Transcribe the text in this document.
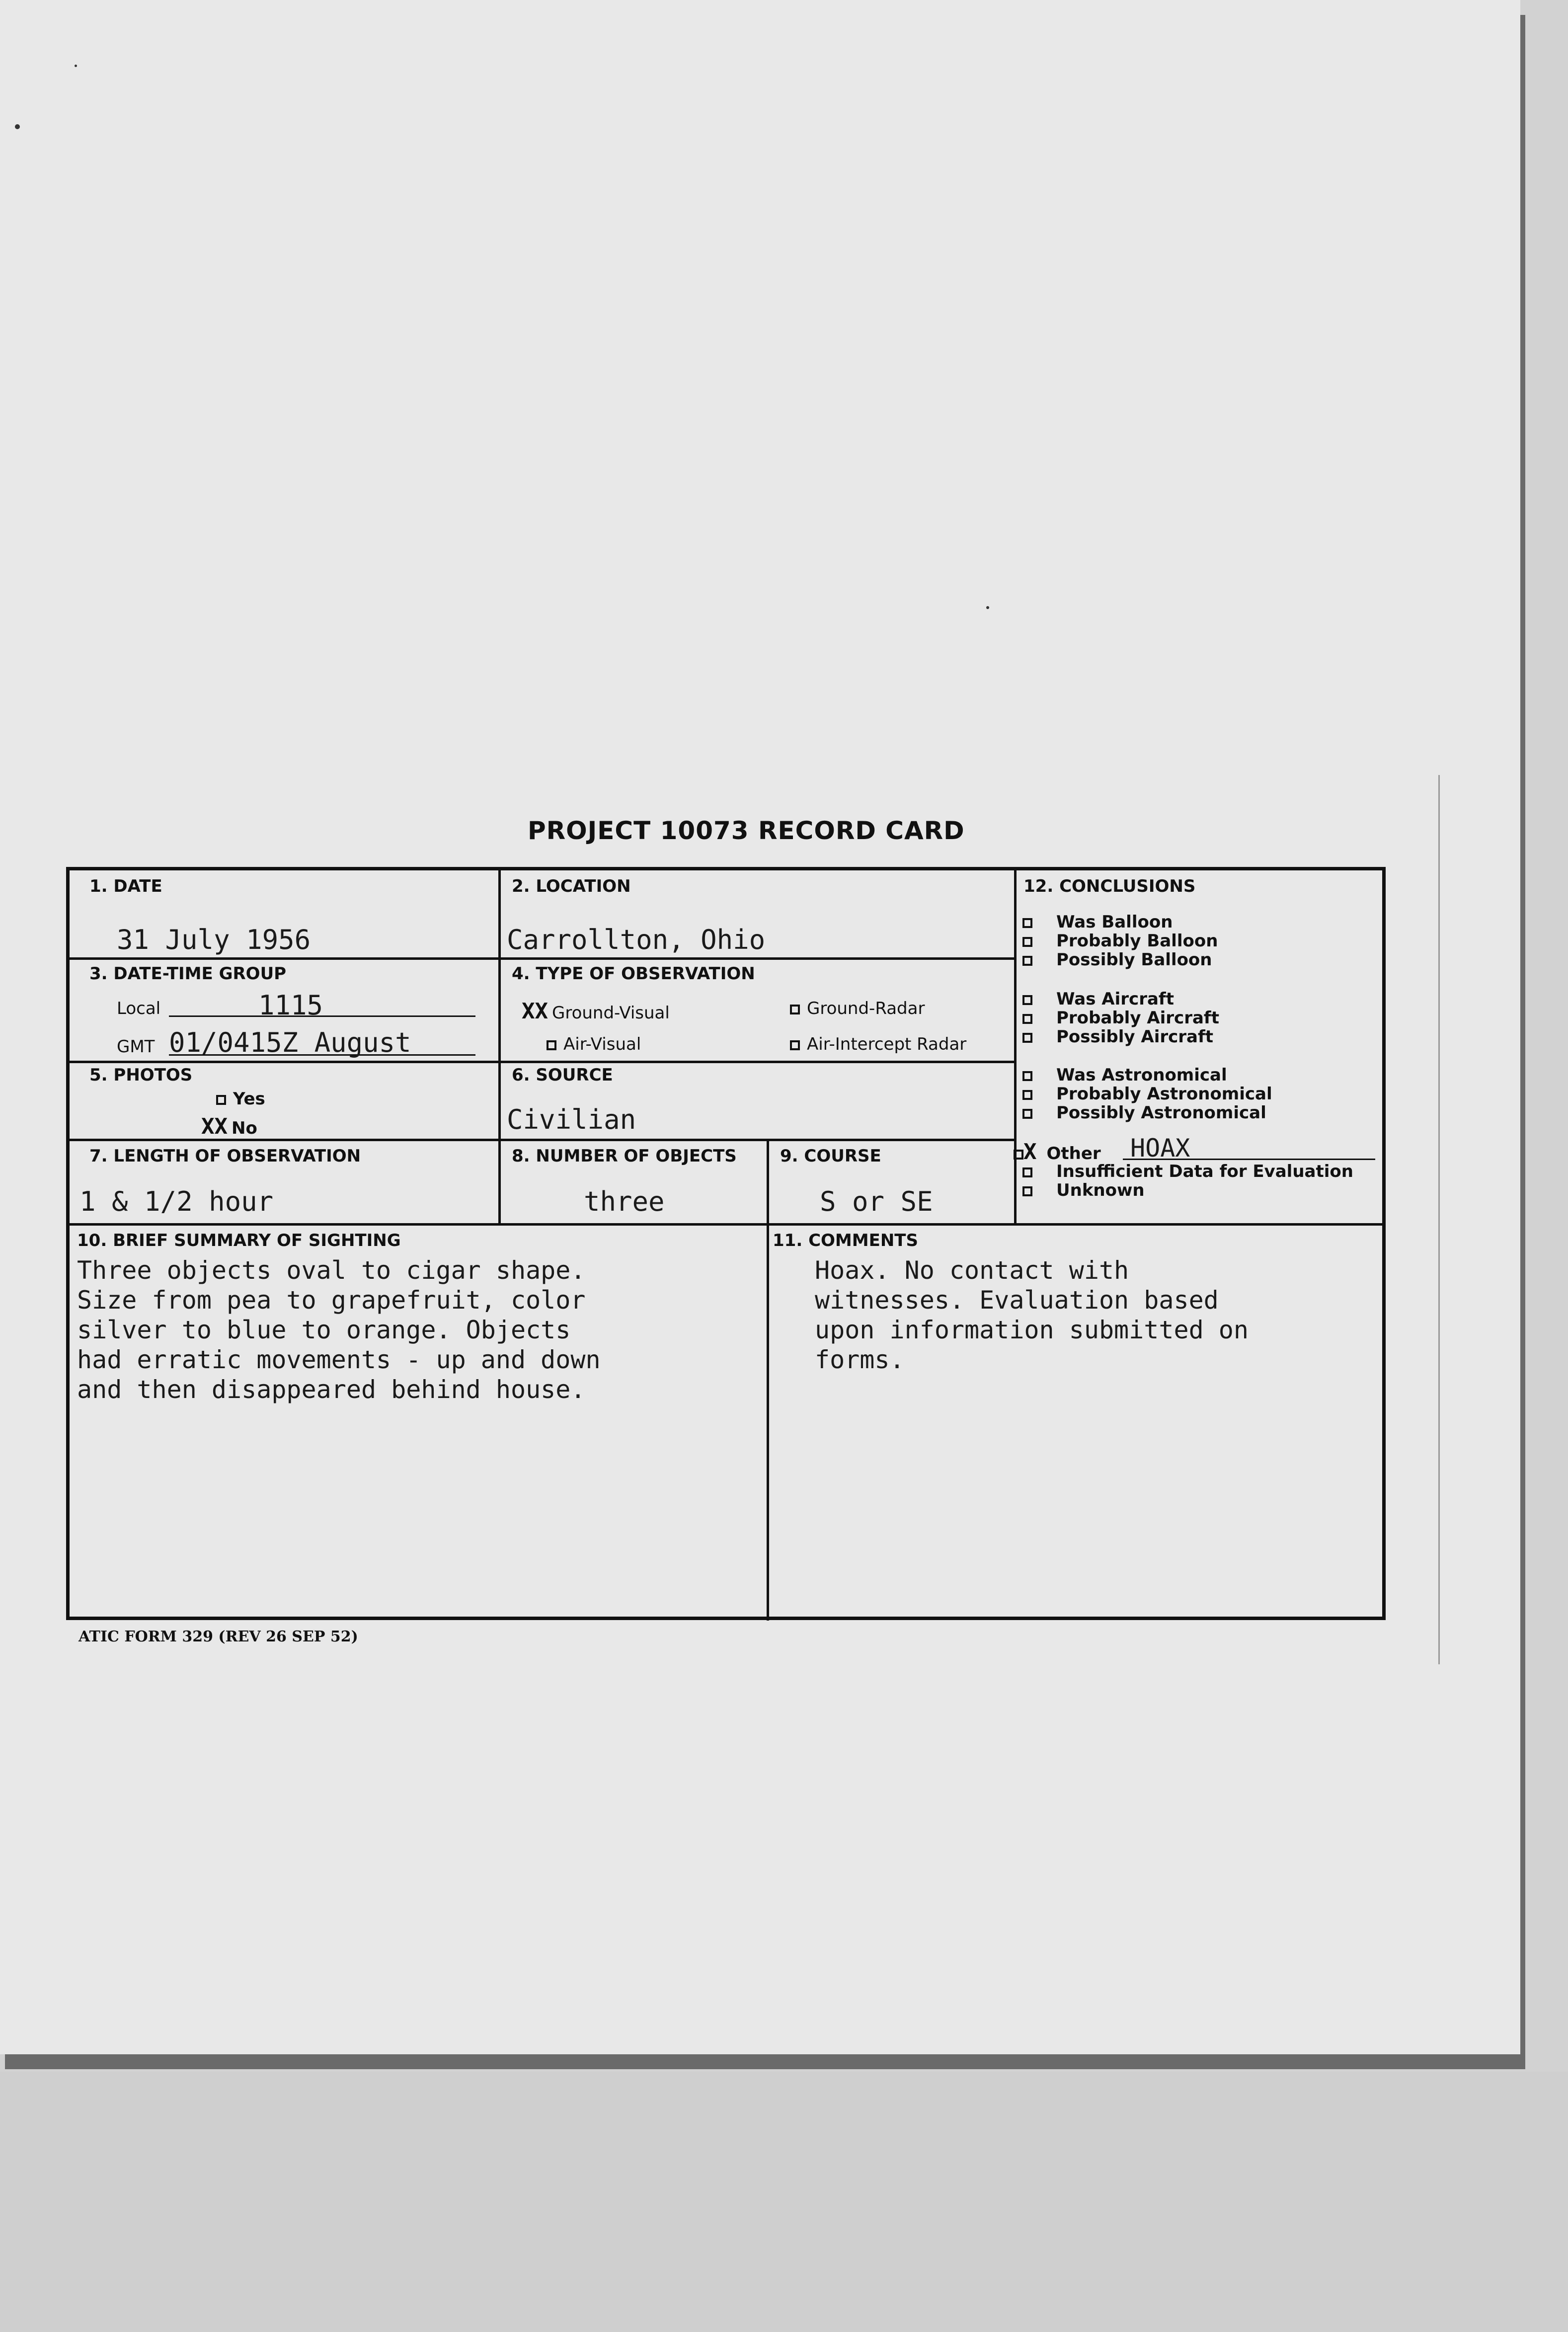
PROJECT 10073 RECORD CARD
1. DATE
31 July 1956
2. LOCATION
Carrollton, Ohio
3. DATE-TIME GROUP
Local	1115
GMT 01/0415Z August
4. TYPE OF OBSERVATION
XX Ground-Visual	Ground-Radar
Air-Visual	Air-Intercept Radar
5. PHOTOS
Yes
XX No
6. SOURCE
Civilian
7. LENGTH OF OBSERVATION
1 & 1/2 hour
8. NUMBER OF OBJECTS
three
9. COURSE
S or SE
10. BRIEF SUMMARY OF SIGHTING
Three objects oval to cigar shape.
Size from pea to grapefruit, color
silver to blue to orange. Objects
had erratic movements - up and down
and then disappeared behind house.
11. COMMENTS
Hoax. No contact with
witnesses. Evaluation based
upon information submitted on
forms.
12. CONCLUSIONS
Was Balloon
Probably Balloon
Possibly Balloon
Was Aircraft
Probably Aircraft
Possibly Aircraft
Was Astronomical
Probably Astronomical
Possibly Astronomical
X Other HOAX
Insufficient Data for Evaluation
Unknown
ATIC FORM 329 (REV 26 SEP 52)
